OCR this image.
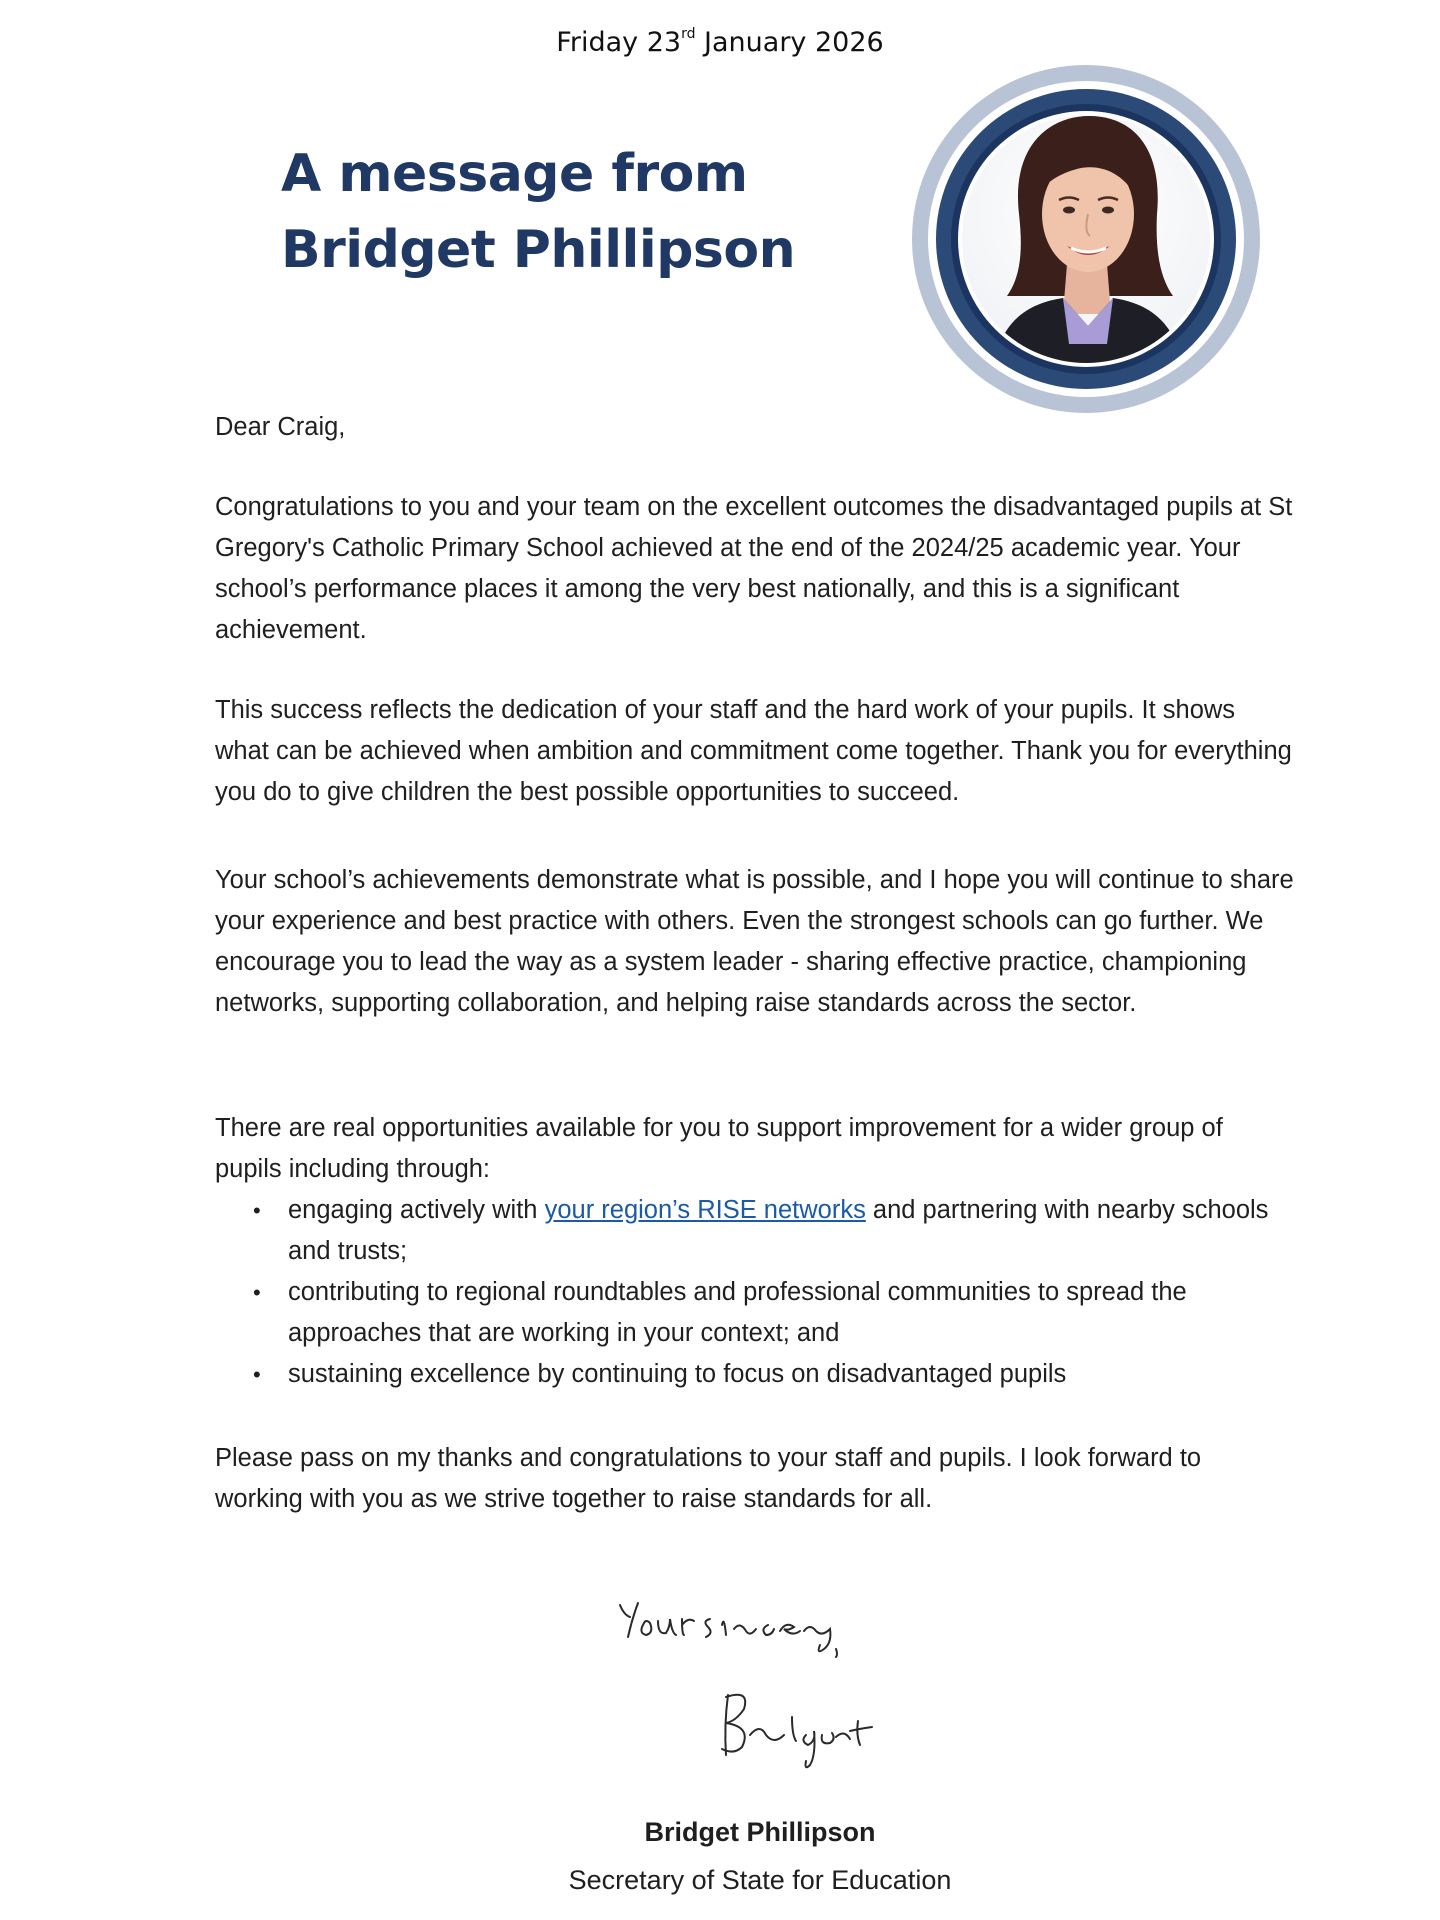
Friday 23rd January 2026
A message from
Bridget Phillipson

Dear Craig,

Congratulations to you and your team on the excellent outcomes the disadvantaged pupils at St Gregory's Catholic Primary School achieved at the end of the 2024/25 academic year. Your school’s performance places it among the very best nationally, and this is a significant achievement.

This success reflects the dedication of your staff and the hard work of your pupils. It shows what can be achieved when ambition and commitment come together. Thank you for everything you do to give children the best possible opportunities to succeed.

Your school’s achievements demonstrate what is possible, and I hope you will continue to share your experience and best practice with others. Even the strongest schools can go further. We encourage you to lead the way as a system leader - sharing effective practice, championing networks, supporting collaboration, and helping raise standards across the sector.

There are real opportunities available for you to support improvement for a wider group of pupils including through:

• engaging actively with your region’s RISE networks and partnering with nearby schools and trusts;
• contributing to regional roundtables and professional communities to spread the approaches that are working in your context; and
• sustaining excellence by continuing to focus on disadvantaged pupils

Please pass on my thanks and congratulations to your staff and pupils. I look forward to working with you as we strive together to raise standards for all.

Bridget Phillipson
Secretary of State for Education
